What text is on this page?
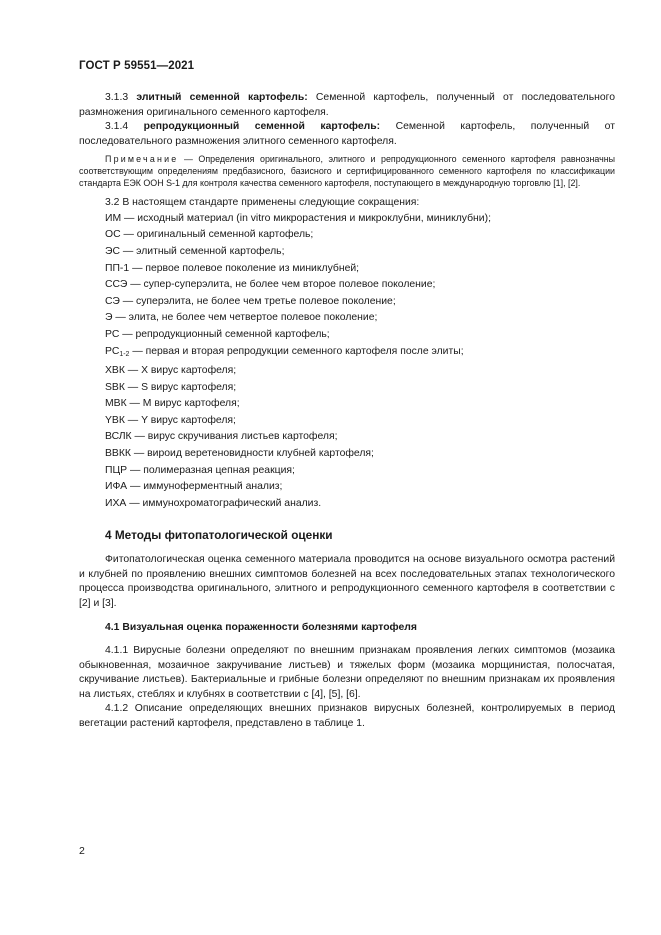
ГОСТ Р 59551—2021
3.1.3 элитный семенной картофель: Семенной картофель, полученный от последовательного размножения оригинального семенного картофеля.
3.1.4 репродукционный семенной картофель: Семенной картофель, полученный от последовательного размножения элитного семенного картофеля.
Примечание — Определения оригинального, элитного и репродукционного семенного картофеля равнозначны соответствующим определениям предбазисного, базисного и сертифицированного семенного картофеля по классификации стандарта ЕЭК ООН S-1 для контроля качества семенного картофеля, поступающего в международную торговлю [1], [2].
3.2 В настоящем стандарте применены следующие сокращения:
ИМ — исходный материал (in vitro микрорастения и микроклубни, миниклубни);
ОС — оригинальный семенной картофель;
ЭС — элитный семенной картофель;
ПП-1 — первое полевое поколение из миниклубней;
ССЭ — супер-суперэлита, не более чем второе полевое поколение;
СЭ — суперэлита, не более чем третье полевое поколение;
Э — элита, не более чем четвертое полевое поколение;
РС — репродукционный семенной картофель;
$РС_{1-2}$ — первая и вторая репродукции семенного картофеля после элиты;
XВК — X вирус картофеля;
SВК — S вирус картофеля;
МВК — М вирус картофеля;
YВК — Y вирус картофеля;
ВСЛК — вирус скручивания листьев картофеля;
ВВКК — вироид веретеновидности клубней картофеля;
ПЦР — полимеразная цепная реакция;
ИФА — иммуноферментный анализ;
ИХА — иммунохроматографический анализ.
4 Методы фитопатологической оценки
Фитопатологическая оценка семенного материала проводится на основе визуального осмотра растений и клубней по проявлению внешних симптомов болезней на всех последовательных этапах технологического процесса производства оригинального, элитного и репродукционного семенного картофеля в соответствии с [2] и [3].
4.1 Визуальная оценка пораженности болезнями картофеля
4.1.1 Вирусные болезни определяют по внешним признакам проявления легких симптомов (мозаика обыкновенная, мозаичное закручивание листьев) и тяжелых форм (мозаика морщинистая, полосчатая, скручивание листьев). Бактериальные и грибные болезни определяют по внешним признакам их проявления на листьях, стеблях и клубнях в соответствии с [4], [5], [6].
4.1.2 Описание определяющих внешних признаков вирусных болезней, контролируемых в период вегетации растений картофеля, представлено в таблице 1.
2
